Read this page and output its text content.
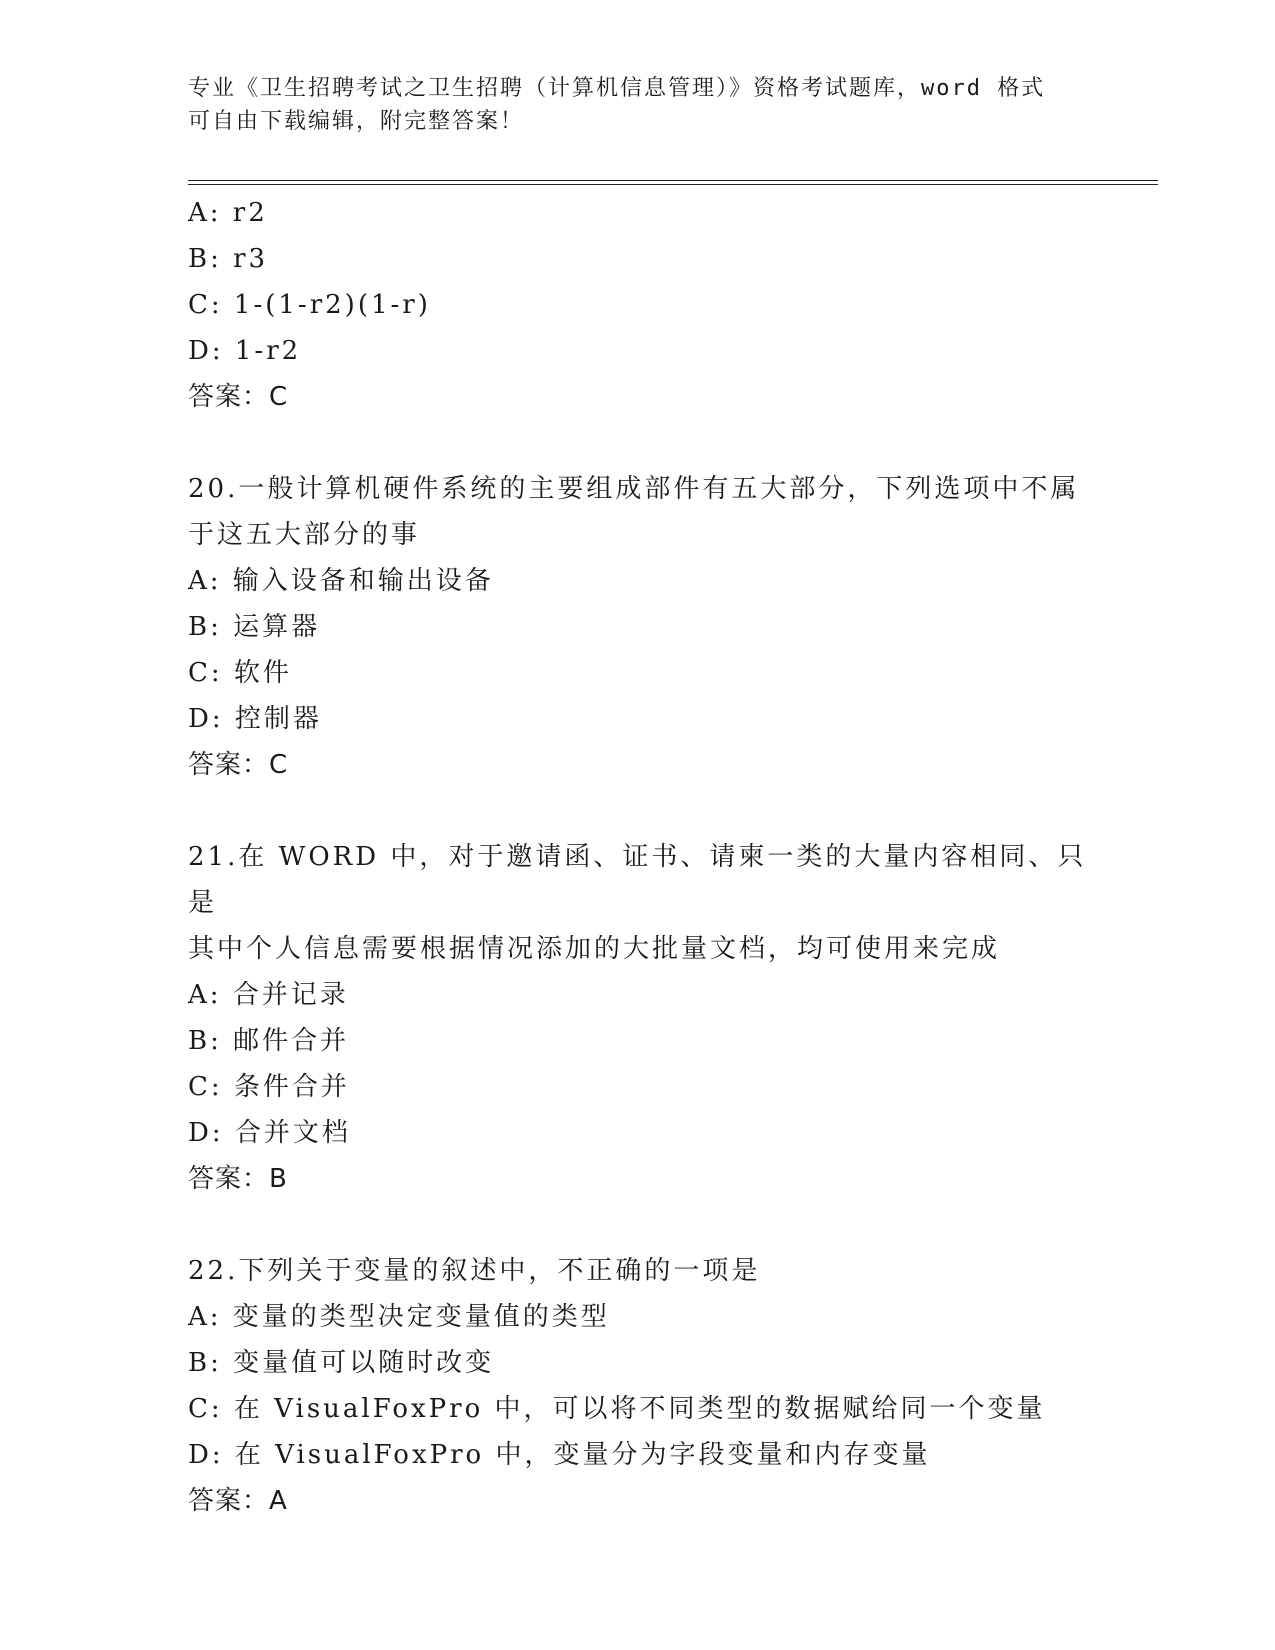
专业《卫生招聘考试之卫生招聘（计算机信息管理）》资格考试题库，word 格式
可自由下载编辑，附完整答案！
A: r2
B: r3
C: 1-(1-r2)(1-r)
D: 1-r2
答案：C
20.一般计算机硬件系统的主要组成部件有五大部分，下列选项中不属
于这五大部分的事
A: 输入设备和输出设备
B: 运算器
C: 软件
D: 控制器
答案：C
21.在 WORD 中，对于邀请函、证书、请柬一类的大量内容相同、只是
其中个人信息需要根据情况添加的大批量文档，均可使用来完成
A: 合并记录
B: 邮件合并
C: 条件合并
D: 合并文档
答案：B
22.下列关于变量的叙述中，不正确的一项是
A: 变量的类型决定变量值的类型
B: 变量值可以随时改变
C: 在 VisualFoxPro 中，可以将不同类型的数据赋给同一个变量
D: 在 VisualFoxPro 中，变量分为字段变量和内存变量
答案：A
